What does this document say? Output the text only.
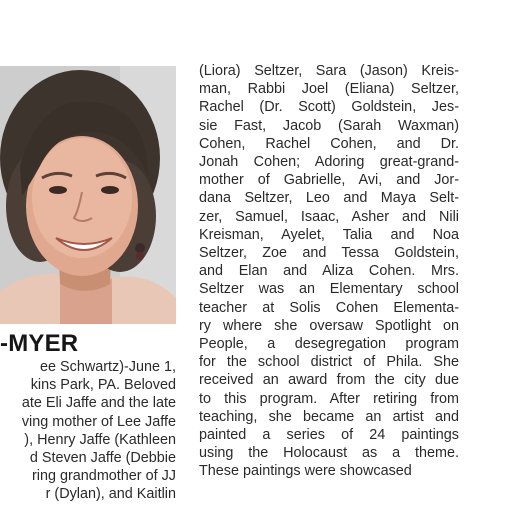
-MYER
ee Schwartz)-June 1,
kins Park, PA. Beloved
ate Eli Jaffe and the late
ving mother of Lee Jaffe
), Henry Jaffe (Kathleen
d Steven Jaffe (Debbie
ring grandmother of JJ
r (Dylan), and Kaitlin
(Liora) Seltzer, Sara (Jason) Kreis-
man, Rabbi Joel (Eliana) Seltzer,
Rachel (Dr. Scott) Goldstein, Jes-
sie Fast, Jacob (Sarah Waxman)
Cohen, Rachel Cohen, and Dr.
Jonah Cohen; Adoring great-grand-
mother of Gabrielle, Avi, and Jor-
dana Seltzer, Leo and Maya Selt-
zer, Samuel, Isaac, Asher and Nili
Kreisman, Ayelet, Talia and Noa
Seltzer, Zoe and Tessa Goldstein,
and Elan and Aliza Cohen. Mrs.
Seltzer was an Elementary school
teacher at Solis Cohen Elementa-
ry where she oversaw Spotlight on
People, a desegregation program
for the school district of Phila. She
received an award from the city due
to this program. After retiring from
teaching, she became an artist and
painted a series of 24 paintings
using the Holocaust as a theme.
These paintings were showcased
